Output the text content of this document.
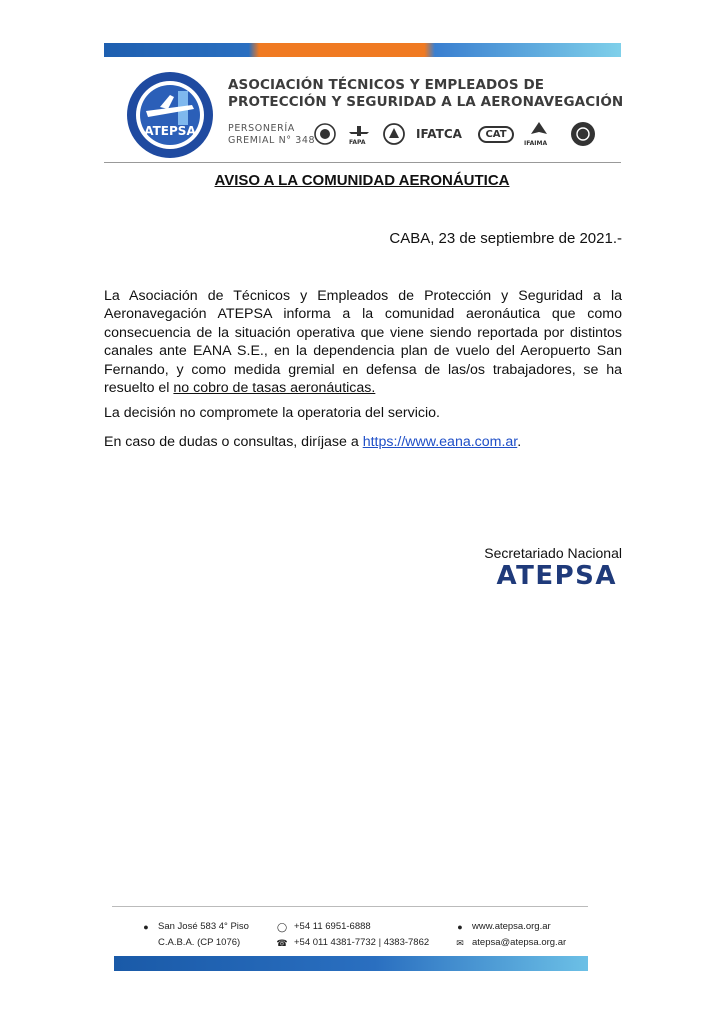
ATEPSA
ASOCIACIÓN TÉCNICOS Y EMPLEADOS DE
PROTECCIÓN Y SEGURIDAD A LA AERONAVEGACIÓN
PERSONERÍA
GREMIAL N° 348	FAPA
IFATCA	CAT
IFAIMA
AVISO A LA COMUNIDAD AERONÁUTICA
CABA, 23 de septiembre de 2021.-

La Asociación de Técnicos y Empleados de Protección y Seguridad a la Aeronavegación ATEPSA informa a la comunidad aeronáutica que como consecuencia de la situación operativa que viene siendo reportada por distintos canales ante EANA S.E., en la dependencia plan de vuelo del Aeropuerto San Fernando, y como medida gremial en defensa de las/os trabajadores, se ha resuelto el no cobro de tasas aeronáuticas.

La decisión no compromete la operatoria del servicio.
En caso de dudas o consultas, diríjase a https://www.eana.com.ar.
Secretariado Nacional
ATEPSA
● San José 583 4° Piso
C.A.B.A. (CP 1076)
◯ +54 11 6951-6888
☎ +54 011 4381-7732 | 4383-7862
● www.atepsa.org.ar
✉ atepsa@atepsa.org.ar
